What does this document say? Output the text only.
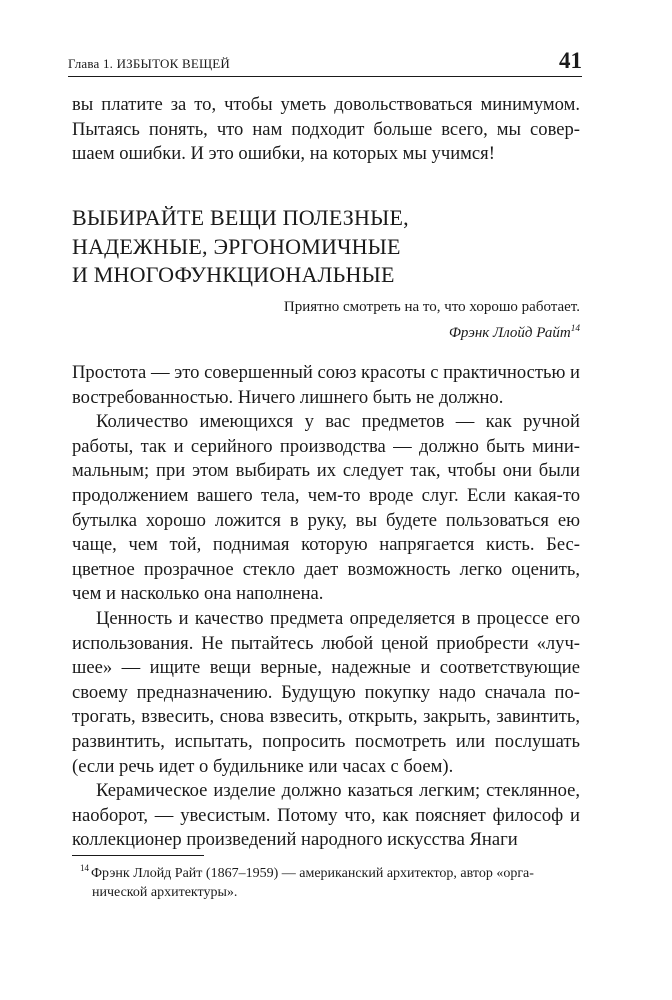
Глава 1. ИЗБЫТОК ВЕЩЕЙ	41

вы платите за то, чтобы уметь довольствоваться минимумом. Пытаясь понять, что нам подходит больше всего, мы совер- шаем ошибки. И это ошибки, на которых мы учимся!

ВЫБИРАЙТЕ ВЕЩИ ПОЛЕЗНЫЕ,
НАДЕЖНЫЕ, ЭРГОНОМИЧНЫЕ
И МНОГОФУНКЦИОНАЛЬНЫЕ
Приятно смотреть на то, что хорошо работает.
Фрэнк Ллойд Райт$^{14}$

Простота — это совершенный союз красоты с практичностью и востребованностью. Ничего лишнего быть не должно.

Количество имеющихся у вас предметов — как ручной работы, так и серийного производства — должно быть мини- мальным; при этом выбирать их следует так, чтобы они были продолжением вашего тела, чем-то вроде слуг. Если какая-то бутылка хорошо ложится в руку, вы будете пользоваться ею чаще, чем той, поднимая которую напрягается кисть. Бес- цветное прозрачное стекло дает возможность легко оценить, чем и насколько она наполнена.

Ценность и качество предмета определяется в процессе его использования. Не пытайтесь любой ценой приобрести «луч- шее» — ищите вещи верные, надежные и соответствующие своему предназначению. Будущую покупку надо сначала по- трогать, взвесить, снова взвесить, открыть, закрыть, завинтить, развинтить, испытать, попросить посмотреть или послушать (если речь идет о будильнике или часах с боем).

Керамическое изделие должно казаться легким; стеклянное, наоборот, — увесистым. Потому что, как поясняет философ и коллекционер произведений народного искусства Янаги

$^{14}$ Фрэнк Ллойд Райт (1867–1959) — американский архитектор, автор «орга-
нической архитектуры».
